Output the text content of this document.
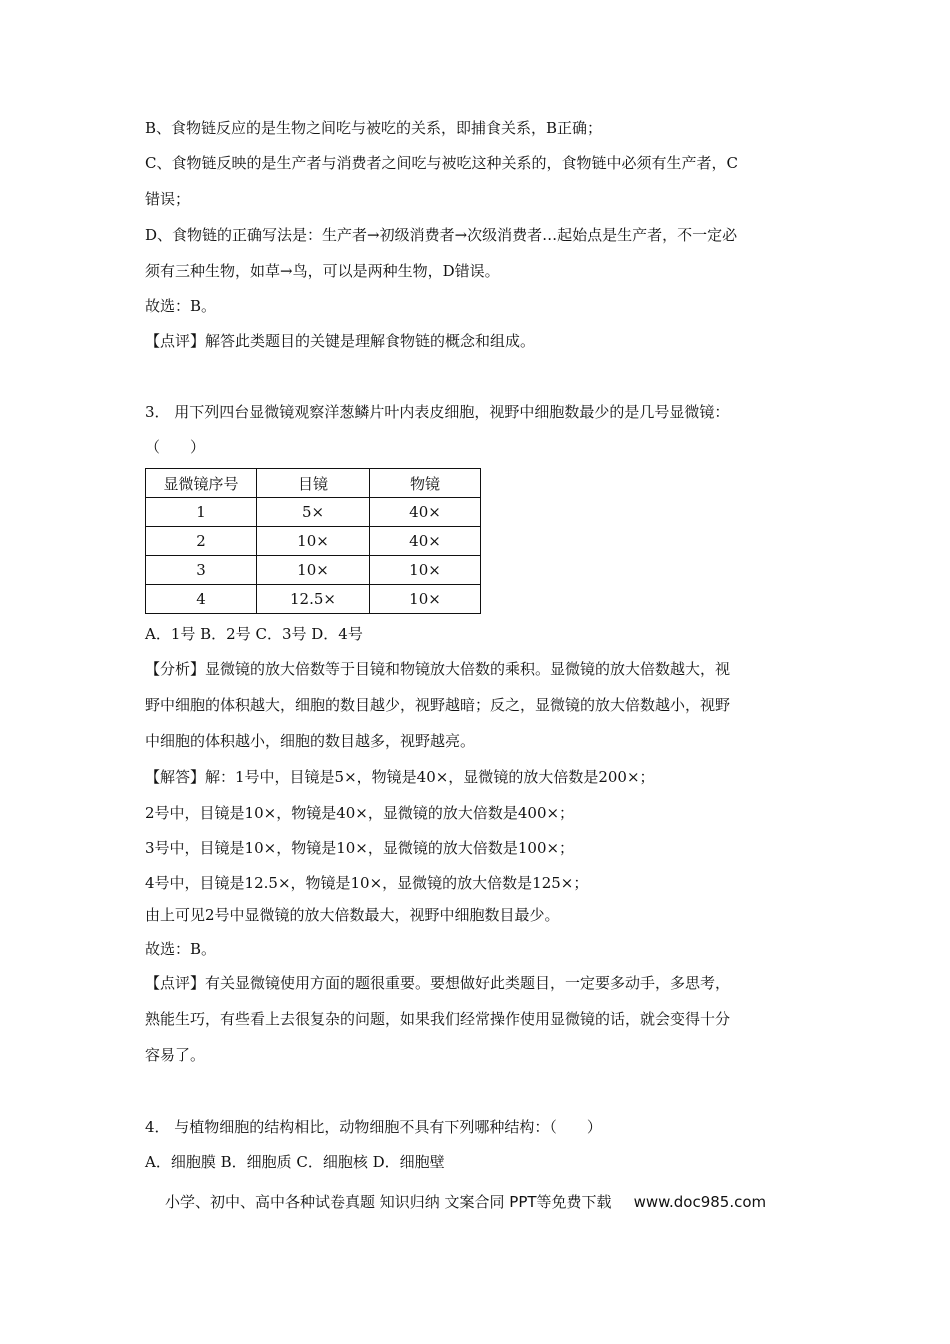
B、食物链反应的是生物之间吃与被吃的关系，即捕食关系，B正确；
C、食物链反映的是生产者与消费者之间吃与被吃这种关系的，食物链中必须有生产者，C
错误；
D、食物链的正确写法是：生产者→初级消费者→次级消费者…起始点是生产者，不一定必
须有三种生物，如草→鸟，可以是两种生物，D错误。
故选：B。
【点评】解答此类题目的关键是理解食物链的概念和组成。
3． 用下列四台显微镜观察洋葱鳞片叶内表皮细胞，视野中细胞数最少的是几号显微镜：
（　　）
显微镜序号	目镜	物镜
1	5×	40×
2	10×	40×
3	10×	10×
4	12.5×	10×
A．1号 B．2号 C．3号 D．4号
【分析】显微镜的放大倍数等于目镜和物镜放大倍数的乘积。显微镜的放大倍数越大，视
野中细胞的体积越大，细胞的数目越少，视野越暗；反之，显微镜的放大倍数越小，视野
中细胞的体积越小，细胞的数目越多，视野越亮。
【解答】解：1号中，目镜是5×，物镜是40×，显微镜的放大倍数是200×；
2号中，目镜是10×，物镜是40×，显微镜的放大倍数是400×；
3号中，目镜是10×，物镜是10×，显微镜的放大倍数是100×；
4号中，目镜是12.5×，物镜是10×，显微镜的放大倍数是125×；
由上可见2号中显微镜的放大倍数最大，视野中细胞数目最少。
故选：B。
【点评】有关显微镜使用方面的题很重要。要想做好此类题目，一定要多动手，多思考，
熟能生巧，有些看上去很复杂的问题，如果我们经常操作使用显微镜的话，就会变得十分
容易了。
4． 与植物细胞的结构相比，动物细胞不具有下列哪种结构：（　　）
A．细胞膜 B．细胞质 C．细胞核 D．细胞壁
小学、初中、高中各种试卷真题 知识归纳 文案合同 PPT等免费下载 www.doc985.com
